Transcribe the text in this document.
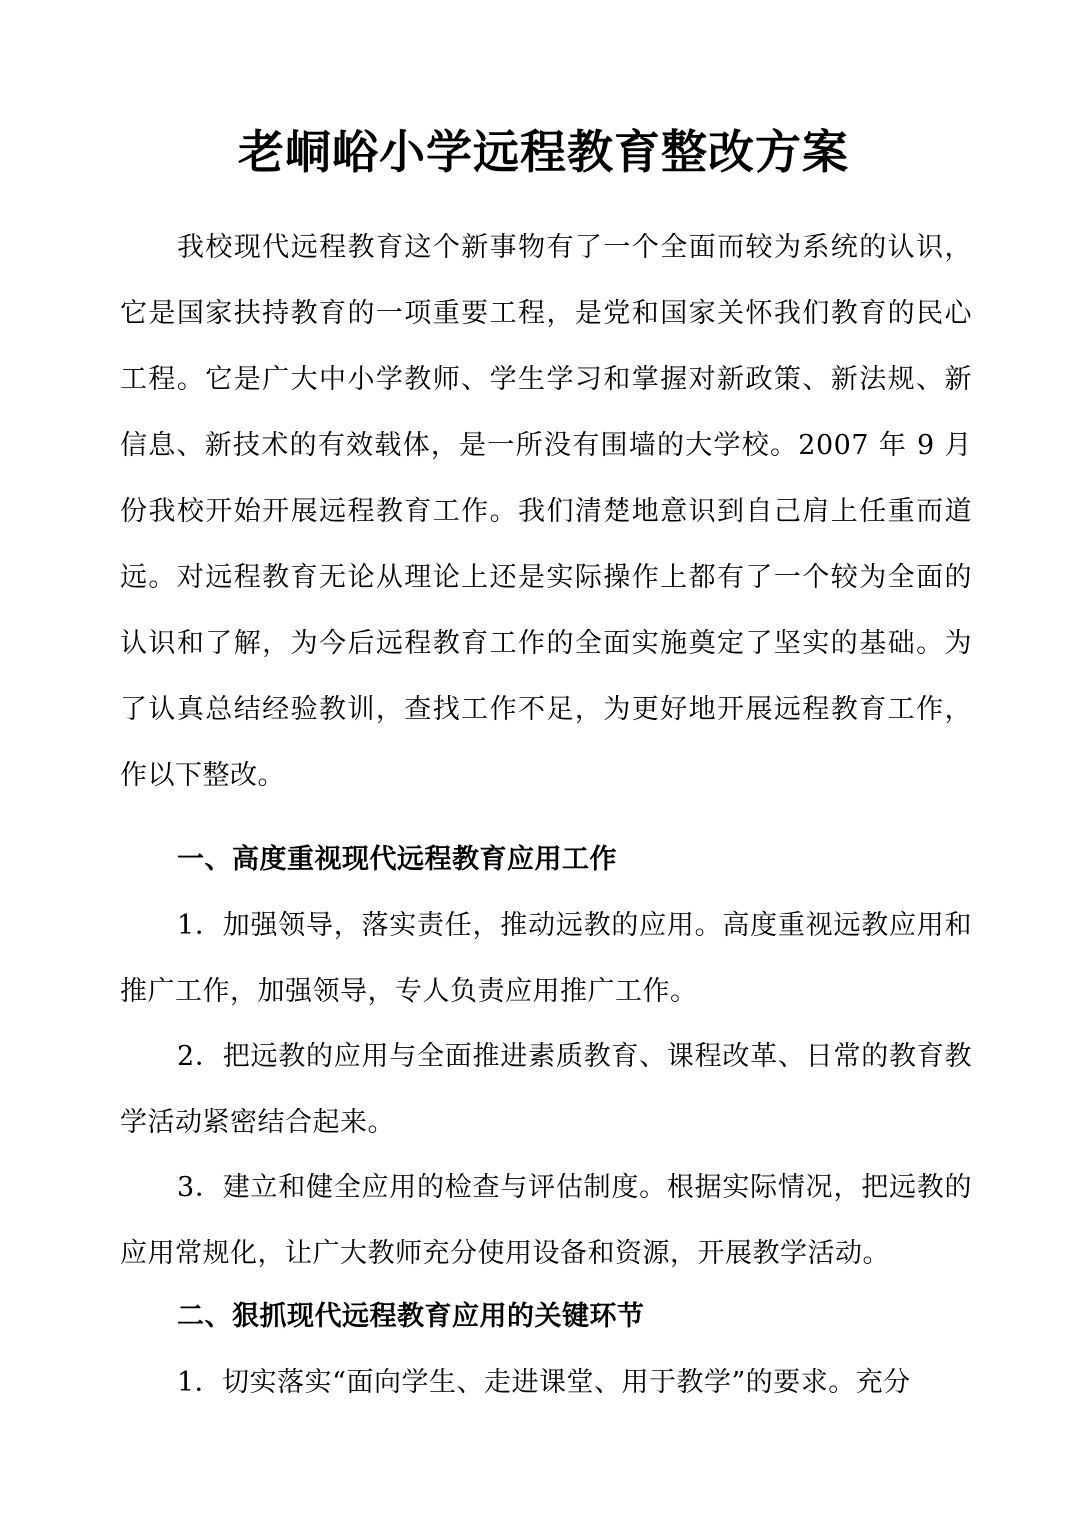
老峒峪小学远程教育整改方案

我校现代远程教育这个新事物有了一个全面而较为系统的认识，它是国家扶持教育的一项重要工程，是党和国家关怀我们教育的民心工程。它是广大中小学教师、学生学习和掌握对新政策、新法规、新信息、新技术的有效载体，是一所没有围墙的大学校。2007 年 9 月份我校开始开展远程教育工作。我们清楚地意识到自己肩上任重而道远。对远程教育无论从理论上还是实际操作上都有了一个较为全面的认识和了解，为今后远程教育工作的全面实施奠定了坚实的基础。为了认真总结经验教训，查找工作不足，为更好地开展远程教育工作，作以下整改。

一、高度重视现代远程教育应用工作

1．加强领导，落实责任，推动远教的应用。高度重视远教应用和推广工作，加强领导，专人负责应用推广工作。

2．把远教的应用与全面推进素质教育、课程改革、日常的教育教学活动紧密结合起来。

3．建立和健全应用的检查与评估制度。根据实际情况，把远教的应用常规化，让广大教师充分使用设备和资源，开展教学活动。

二、狠抓现代远程教育应用的关键环节

1．切实落实“面向学生、走进课堂、用于教学”的要求。充分
